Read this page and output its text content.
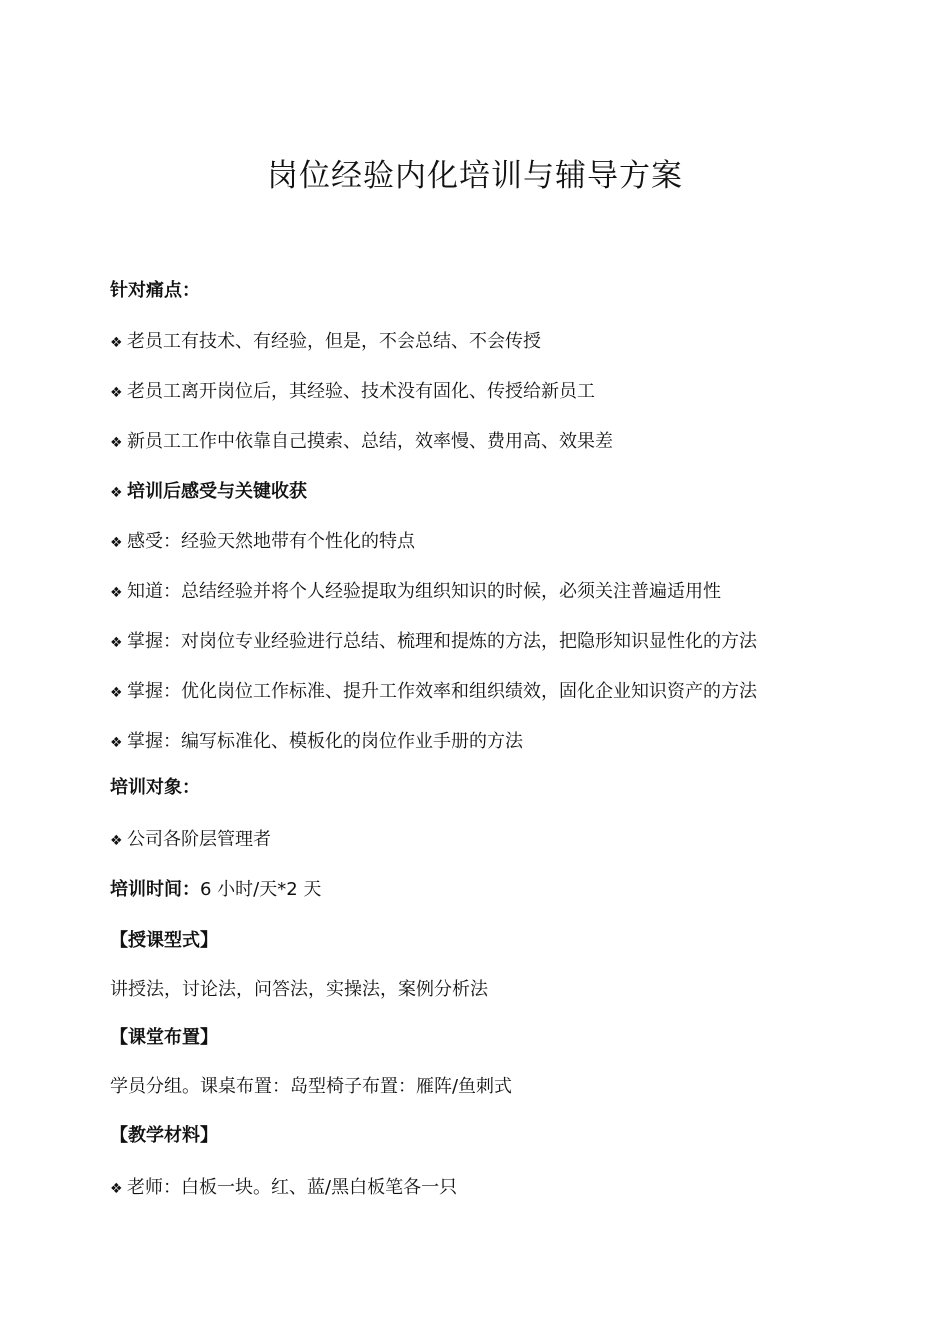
岗位经验内化培训与辅导方案
针对痛点：
❖ 老员工有技术、有经验，但是，不会总结、不会传授
❖ 老员工离开岗位后，其经验、技术没有固化、传授给新员工
❖ 新员工工作中依靠自己摸索、总结，效率慢、费用高、效果差
❖ 培训后感受与关键收获
❖ 感受：经验天然地带有个性化的特点
❖ 知道：总结经验并将个人经验提取为组织知识的时候，必须关注普遍适用性
❖ 掌握：对岗位专业经验进行总结、梳理和提炼的方法，把隐形知识显性化的方法
❖ 掌握：优化岗位工作标准、提升工作效率和组织绩效，固化企业知识资产的方法
❖ 掌握：编写标准化、模板化的岗位作业手册的方法
培训对象：
❖ 公司各阶层管理者
培训时间：6 小时/天*2 天
【授课型式】
讲授法，讨论法，问答法，实操法，案例分析法
【课堂布置】
学员分组。课桌布置：岛型椅子布置：雁阵/鱼刺式
【教学材料】
❖ 老师：白板一块。红、蓝/黑白板笔各一只
